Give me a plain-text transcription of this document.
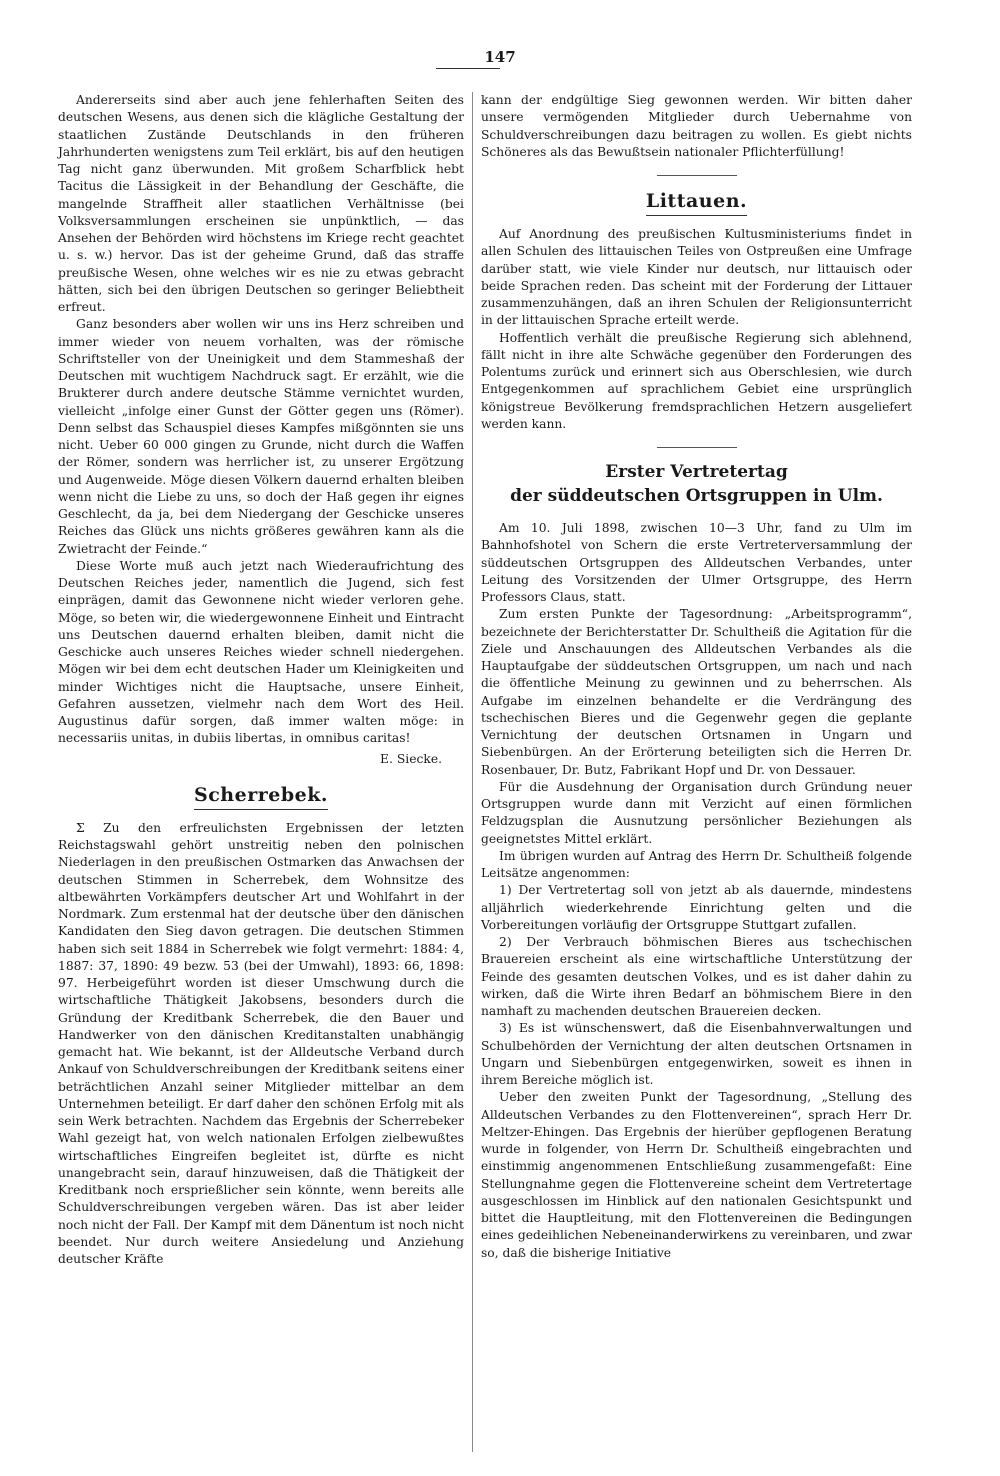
147

Andererseits sind aber auch jene fehlerhaften Seiten des deutschen Wesens, aus denen sich die klägliche Gestaltung der staatlichen Zustände Deutschlands in den früheren Jahrhunderten wenigstens zum Teil erklärt, bis auf den heutigen Tag nicht ganz überwunden. Mit großem Scharfblick hebt Tacitus die Lässigkeit in der Behandlung der Geschäfte, die mangelnde Straffheit aller staatlichen Verhältnisse (bei Volksversammlungen erscheinen sie unpünktlich, — das Ansehen der Behörden wird höchstens im Kriege recht geachtet u. s. w.) hervor. Das ist der geheime Grund, daß das straffe preußische Wesen, ohne welches wir es nie zu etwas gebracht hätten, sich bei den übrigen Deutschen so geringer Beliebtheit erfreut.

Ganz besonders aber wollen wir uns ins Herz schreiben und immer wieder von neuem vorhalten, was der römische Schriftsteller von der Uneinigkeit und dem Stammeshaß der Deutschen mit wuchtigem Nachdruck sagt. Er erzählt, wie die Brukterer durch andere deutsche Stämme vernichtet wurden, vielleicht „infolge einer Gunst der Götter gegen uns (Römer). Denn selbst das Schauspiel dieses Kampfes mißgönnten sie uns nicht. Ueber 60 000 gingen zu Grunde, nicht durch die Waffen der Römer, sondern was herrlicher ist, zu unserer Ergötzung und Augenweide. Möge diesen Völkern dauernd erhalten bleiben wenn nicht die Liebe zu uns, so doch der Haß gegen ihr eignes Geschlecht, da ja, bei dem Niedergang der Geschicke unseres Reiches das Glück uns nichts größeres gewähren kann als die Zwietracht der Feinde.“

Diese Worte muß auch jetzt nach Wiederaufrichtung des Deutschen Reiches jeder, namentlich die Jugend, sich fest einprägen, damit das Gewonnene nicht wieder verloren gehe. Möge, so beten wir, die wiedergewonnene Einheit und Eintracht uns Deutschen dauernd erhalten bleiben, damit nicht die Geschicke auch unseres Reiches wieder schnell niedergehen. Mögen wir bei dem echt deutschen Hader um Kleinigkeiten und minder Wichtiges nicht die Hauptsache, unsere Einheit, Gefahren aussetzen, vielmehr nach dem Wort des Heil. Augustinus dafür sorgen, daß immer walten möge: in necessariis unitas, in dubiis libertas, in omnibus caritas!

E. Siecke.
Scherrebek.

Σ Zu den erfreulichsten Ergebnissen der letzten Reichstagswahl gehört unstreitig neben den polnischen Niederlagen in den preußischen Ostmarken das Anwachsen der deutschen Stimmen in Scherrebek, dem Wohnsitze des altbewährten Vorkämpfers deutscher Art und Wohlfahrt in der Nordmark. Zum erstenmal hat der deutsche über den dänischen Kandidaten den Sieg davon getragen. Die deutschen Stimmen haben sich seit 1884 in Scherrebek wie folgt vermehrt: 1884: 4, 1887: 37, 1890: 49 bezw. 53 (bei der Umwahl), 1893: 66, 1898: 97. Herbeigeführt worden ist dieser Umschwung durch die wirtschaftliche Thätigkeit Jakobsens, besonders durch die Gründung der Kreditbank Scherrebek, die den Bauer und Handwerker von den dänischen Kreditanstalten unabhängig gemacht hat. Wie bekannt, ist der Alldeutsche Verband durch Ankauf von Schuldverschreibungen der Kreditbank seitens einer beträchtlichen Anzahl seiner Mitglieder mittelbar an dem Unternehmen beteiligt. Er darf daher den schönen Erfolg mit als sein Werk betrachten. Nachdem das Ergebnis der Scherrebeker Wahl gezeigt hat, von welch nationalen Erfolgen zielbewußtes wirtschaftliches Eingreifen begleitet ist, dürfte es nicht unangebracht sein, darauf hinzuweisen, daß die Thätigkeit der Kreditbank noch ersprießlicher sein könnte, wenn bereits alle Schuldverschreibungen vergeben wären. Das ist aber leider noch nicht der Fall. Der Kampf mit dem Dänentum ist noch nicht beendet. Nur durch weitere Ansiedelung und Anziehung deutscher Kräfte

kann der endgültige Sieg gewonnen werden. Wir bitten daher unsere vermögenden Mitglieder durch Uebernahme von Schuldverschreibungen dazu beitragen zu wollen. Es giebt nichts Schöneres als das Bewußtsein nationaler Pflichterfüllung!

Littauen.

Auf Anordnung des preußischen Kultusministeriums findet in allen Schulen des littauischen Teiles von Ostpreußen eine Umfrage darüber statt, wie viele Kinder nur deutsch, nur littauisch oder beide Sprachen reden. Das scheint mit der Forderung der Littauer zusammenzuhängen, daß an ihren Schulen der Religionsunterricht in der littauischen Sprache erteilt werde.

Hoffentlich verhält die preußische Regierung sich ablehnend, fällt nicht in ihre alte Schwäche gegenüber den Forderungen des Polentums zurück und erinnert sich aus Oberschlesien, wie durch Entgegenkommen auf sprachlichem Gebiet eine ursprünglich königstreue Bevölkerung fremdsprachlichen Hetzern ausgeliefert werden kann.

Erster Vertretertag
der süddeutschen Ortsgruppen in Ulm.

Am 10. Juli 1898, zwischen 10—3 Uhr, fand zu Ulm im Bahnhofshotel von Schern die erste Vertreterversammlung der süddeutschen Ortsgruppen des Alldeutschen Verbandes, unter Leitung des Vorsitzenden der Ulmer Ortsgruppe, des Herrn Professors Claus, statt.

Zum ersten Punkte der Tagesordnung: „Arbeitsprogramm“, bezeichnete der Berichterstatter Dr. Schultheiß die Agitation für die Ziele und Anschauungen des Alldeutschen Verbandes als die Hauptaufgabe der süddeutschen Ortsgruppen, um nach und nach die öffentliche Meinung zu gewinnen und zu beherrschen. Als Aufgabe im einzelnen behandelte er die Verdrängung des tschechischen Bieres und die Gegenwehr gegen die geplante Vernichtung der deutschen Ortsnamen in Ungarn und Siebenbürgen. An der Erörterung beteiligten sich die Herren Dr. Rosenbauer, Dr. Butz, Fabrikant Hopf und Dr. von Dessauer.

Für die Ausdehnung der Organisation durch Gründung neuer Ortsgruppen wurde dann mit Verzicht auf einen förmlichen Feldzugsplan die Ausnutzung persönlicher Beziehungen als geeignetstes Mittel erklärt.

Im übrigen wurden auf Antrag des Herrn Dr. Schultheiß folgende Leitsätze angenommen:

1) Der Vertretertag soll von jetzt ab als dauernde, mindestens alljährlich wiederkehrende Einrichtung gelten und die Vorbereitungen vorläufig der Ortsgruppe Stuttgart zufallen.

2) Der Verbrauch böhmischen Bieres aus tschechischen Brauereien erscheint als eine wirtschaftliche Unterstützung der Feinde des gesamten deutschen Volkes, und es ist daher dahin zu wirken, daß die Wirte ihren Bedarf an böhmischem Biere in den namhaft zu machenden deutschen Brauereien decken.

3) Es ist wünschenswert, daß die Eisenbahnverwaltungen und Schulbehörden der Vernichtung der alten deutschen Ortsnamen in Ungarn und Siebenbürgen entgegenwirken, soweit es ihnen in ihrem Bereiche möglich ist.

Ueber den zweiten Punkt der Tagesordnung, „Stellung des Alldeutschen Verbandes zu den Flottenvereinen“, sprach Herr Dr. Meltzer-Ehingen. Das Ergebnis der hierüber gepflogenen Beratung wurde in folgender, von Herrn Dr. Schultheiß eingebrachten und einstimmig angenommenen Entschließung zusammengefaßt: Eine Stellungnahme gegen die Flottenvereine scheint dem Vertretertage ausgeschlossen im Hinblick auf den nationalen Gesichtspunkt und bittet die Hauptleitung, mit den Flottenvereinen die Bedingungen eines gedeihlichen Nebeneinanderwirkens zu vereinbaren, und zwar so, daß die bisherige Initiative
